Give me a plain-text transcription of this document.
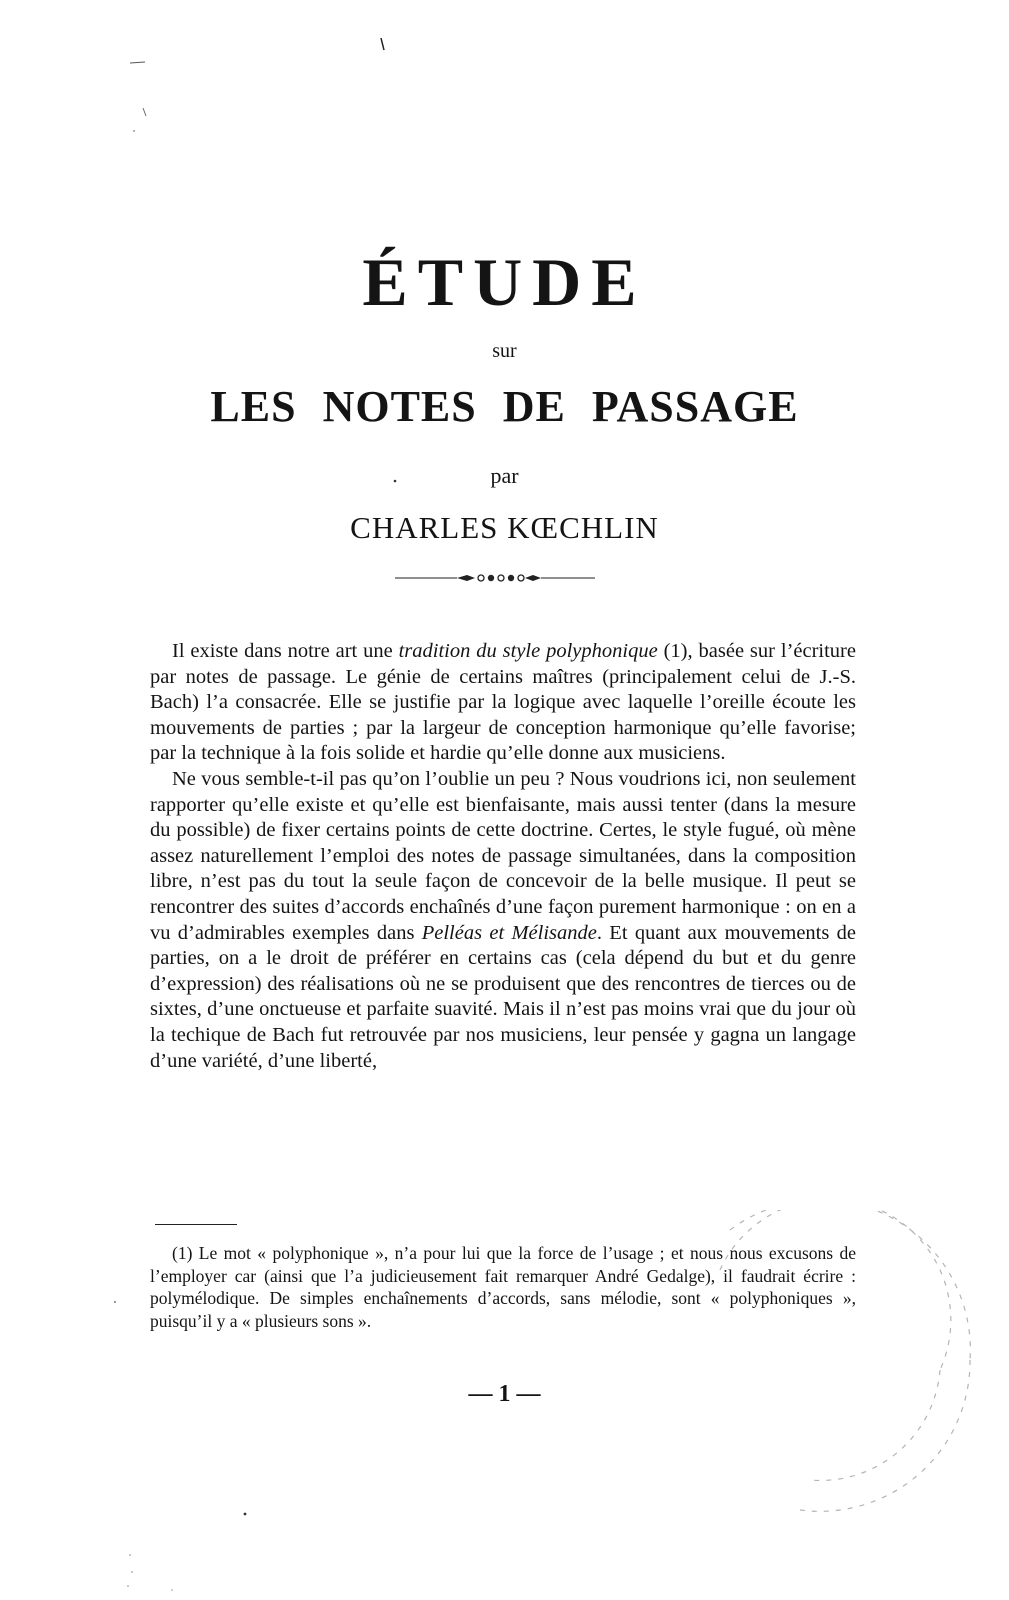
ÉTUDE
sur
LES NOTES DE PASSAGE
par
CHARLES KŒCHLIN

Il existe dans notre art une tradition du style polyphonique (1), basée sur l’écriture par notes de passage. Le génie de certains maîtres (principalement celui de J.-S. Bach) l’a consacrée. Elle se justifie par la logique avec laquelle l’oreille écoute les mouvements de parties ; par la largeur de conception harmonique qu’elle favorise; par la technique à la fois solide et hardie qu’elle donne aux musiciens.

Ne vous semble-t-il pas qu’on l’oublie un peu ? Nous voudrions ici, non seulement rapporter qu’elle existe et qu’elle est bienfaisante, mais aussi tenter (dans la mesure du possible) de fixer certains points de cette doctrine. Certes, le style fugué, où mène assez naturellement l’emploi des notes de passage simultanées, dans la composition libre, n’est pas du tout la seule façon de concevoir de la belle musique. Il peut se rencontrer des suites d’accords enchaînés d’une façon purement harmonique : on en a vu d’admirables exemples dans Pelléas et Mélisande. Et quant aux mouvements de parties, on a le droit de préférer en certains cas (cela dépend du but et du genre d’expression) des réalisations où ne se produisent que des rencontres de tierces ou de sixtes, d’une onctueuse et parfaite suavité. Mais il n’est pas moins vrai que du jour où la techique de Bach fut retrouvée par nos musiciens, leur pensée y gagna un langage d’une variété, d’une liberté,

(1) Le mot « polyphonique », n’a pour lui que la force de l’usage ; et nous nous excusons de l’employer car (ainsi que l’a judicieusement fait remarquer André Gedalge), il faudrait écrire : polymélodique. De simples enchaînements d’accords, sans mélodie, sont « polyphoniques », puisqu’il y a « plusieurs sons ».

— 1 —
